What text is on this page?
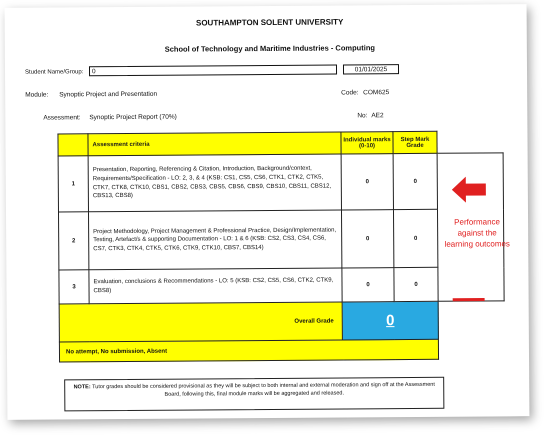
SOUTHAMPTON SOLENT UNIVERSITY
School of Technology and Maritime Industries - Computing
Student Name/Group:	0	01/01/2025
Module: Synoptic Project and Presentation	Code: COM625
Assessment: Synoptic Project Report (70%)	No: AE2
	Assessment criteria	Individual marks (0-10)	Step Mark Grade	
1	Presentation, Reporting, Referencing & Citation, Introduction, Background/context, Requirements/Specification - LO: 2, 3, & 4 (KSB: CS1, CS5, CS6, CTK1, CTK2, CTK5, CTK7, CTK8, CTK10, CBS1, CBS2, CBS3, CBS5, CBS6, CBS9, CBS10, CBS11, CBS12, CBS13, CBS8)	0	0	
2	Project Methodology, Project Management & Professional Practice, Design/Implementation, Testing, Artefact/s & supporting Documentation - LO: 1 & 6 (KSB: CS2, CS3, CS4, CS6, CS7, CTK3, CTK4, CTK5, CTK6, CTK9, CTK10, CBS7, CBS14)	0	0	
3	Evaluation, conclusions & Recommendations - LO: 5 (KSB: CS2, CS5, CS6, CTK2, CTK9, CBS8)	0	0	
Overall Grade		0		
No attempt, No submission, Absent				
Performance against the learning outcomes
NOTE: Tutor grades should be considered provisional as they will be subject to both internal and external moderation and sign off at the Assessment Board, following this, final module marks will be aggregated and released.
